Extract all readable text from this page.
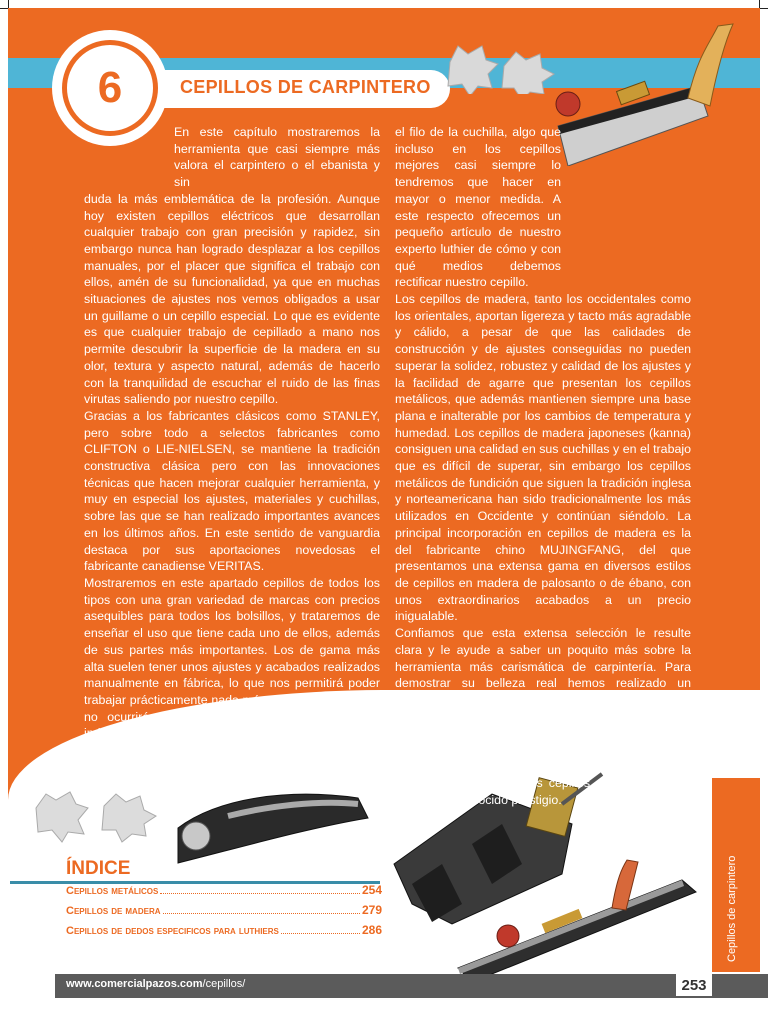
Cepillos de carpintero
6	CEPILLOS DE CARPINTERO

En este capítulo mostraremos la herramienta que casi siempre más valora el carpintero o el ebanista y sin

duda la más emblemática de la profesión. Aunque hoy existen cepillos eléctricos que desarrollan cualquier trabajo con gran precisión y rapidez, sin embargo nunca han logrado desplazar a los cepillos manuales, por el placer que significa el trabajo con ellos, amén de su funcionalidad, ya que en muchas situaciones de ajustes nos vemos obligados a usar un guillame o un cepillo especial. Lo que es evidente es que cualquier trabajo de cepillado a mano nos permite descubrir la superficie de la madera en su olor, textura y aspecto natural, además de hacerlo con la tranquilidad de escuchar el ruido de las finas virutas saliendo por nuestro cepillo.

Gracias a los fabricantes clásicos como STANLEY, pero sobre todo a selectos fabricantes como CLIFTON o LIE-NIELSEN, se mantiene la tradición constructiva clásica pero con las innovaciones técnicas que hacen mejorar cualquier herramienta, y muy en especial los ajustes, materiales y cuchillas, sobre las que se han realizado importantes avances en los últimos años. En este sentido de vanguardia destaca por sus aportaciones novedosas el fabricante canadiense VERITAS.

Mostraremos en este apartado cepillos de todos los tipos con una gran variedad de marcas con precios asequibles para todos los bolsillos, y trataremos de enseñar el uso que tiene cada uno de ellos, además de sus partes más importantes. Los de gama más alta suelen tener unos ajustes y acabados realizados manualmente en fábrica, lo que nos permitirá poder trabajar prácticamente nada más comprarlo, algo que no ocurrirá con los cepillos de fabricación más industrial y en serie, que requerirán retoques previos a su utilización, como planificación de la base, algunos rectificados de los ajustes y la boca, y por supuesto un afilado, o cuando menos asentar

el filo de la cuchilla, algo que incluso en los cepillos mejores casi siempre lo tendremos que hacer en mayor o menor medida. A este respecto ofrecemos un pequeño artículo de nuestro experto luthier de cómo y con qué medios debemos rectificar nuestro cepillo.

Los cepillos de madera, tanto los occidentales como los orientales, aportan ligereza y tacto más agradable y cálido, a pesar de que las calidades de construcción y de ajustes conseguidas no pueden superar la solidez, robustez y calidad de los ajustes y la facilidad de agarre que presentan los cepillos metálicos, que además mantienen siempre una base plana e inalterable por los cambios de temperatura y humedad. Los cepillos de madera japoneses (kanna) consiguen una calidad en sus cuchillas y en el trabajo que es difícil de superar, sin embargo los cepillos metálicos de fundición que siguen la tradición inglesa y norteamericana han sido tradicionalmente los más utilizados en Occidente y continúan siéndolo. La principal incorporación en cepillos de madera es la del fabricante chino MUJINGFANG, del que presentamos una extensa gama en diversos estilos de cepillos en madera de palosanto o de ébano, con unos extraordinarios acabados a un precio inigualable.

Confiamos que esta extensa selección le resulte clara y le ayude a saber un poquito más sobre la herramienta más carismática de carpintería. Para demostrar su belleza real hemos realizado un esfuerzo en la fotografía de todos los cepillos, que presentaremos por marcas y clasificados por su funcionalidad y por sus tamaños de mayor a menor. Terminamos el capítulo con una selección de cuchillas de ebanista y accesorios para rellas además de incorporar los cepillos para Luthiers de IBEX, de reconocido prestigio.

ÍNDICE
Cepillos metálicos	254
Cepillos de madera	279
Cepillos de dedos especificos para luthiers	286
www.comercialpazos.com/cepillos/	253
